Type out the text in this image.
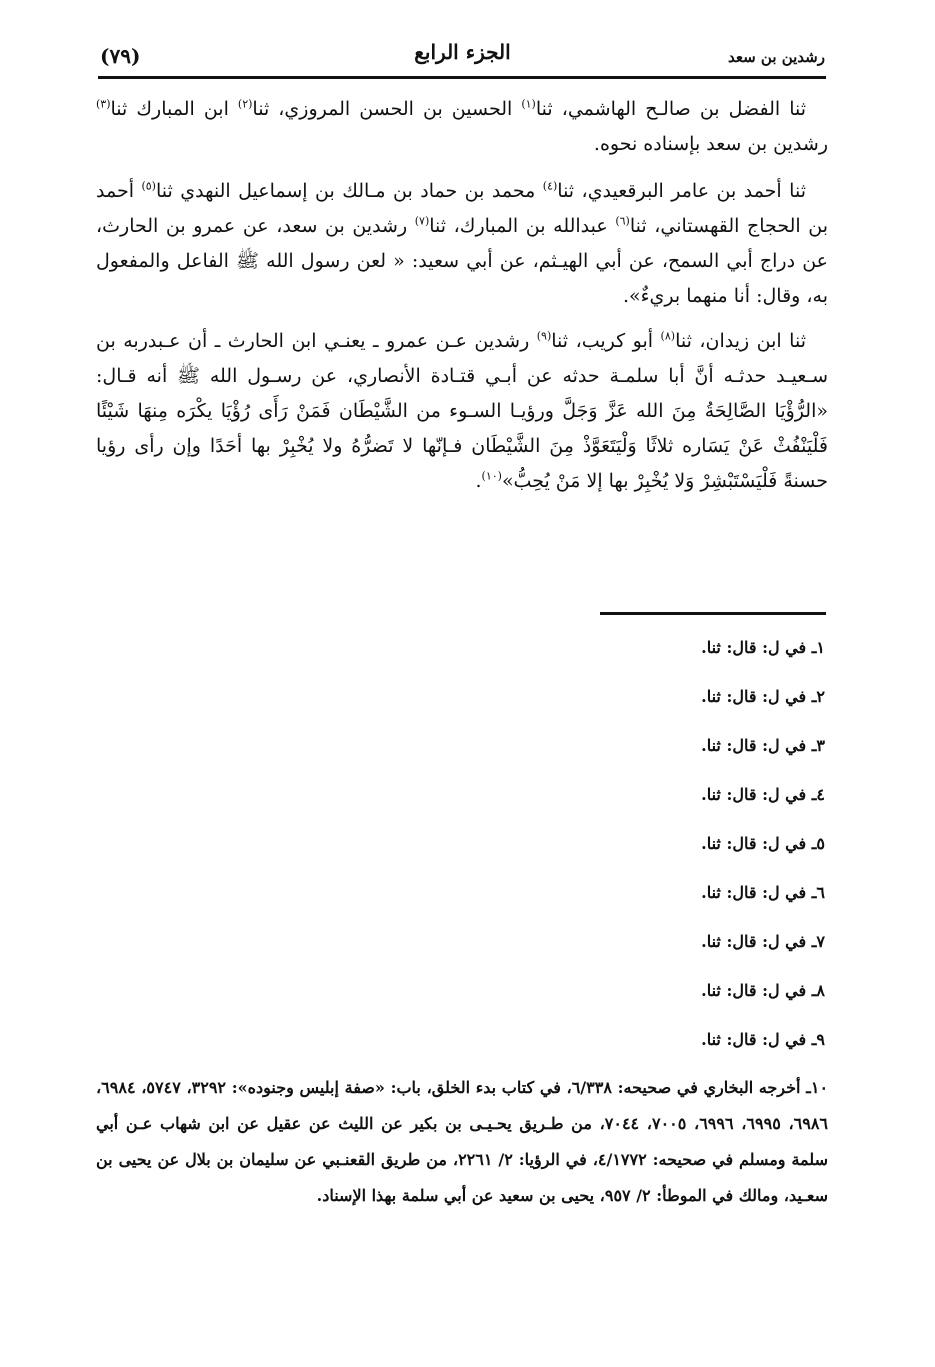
(٧٩)	الجزء الرابع	رشدين بن سعد

ثنا الفضل بن صالـح الهاشمي، ثنا$^{(١)}$ الحسين بن الحسن المروزي، ثنا$^{(٢)}$ ابن المبارك ثنا$^{(٣)}$ رشدين بن سعد بإسناده نحوه.

ثنا أحمد بن عامر البرقعيدي، ثنا$^{(٤)}$ محمد بن حماد بن مـالك بن إسماعيل النهدي ثنا$^{(٥)}$ أحمد بن الحجاج القهستاني، ثنا$^{(٦)}$ عبدالله بن المبارك، ثنا$^{(٧)}$ رشدين بن سعد، عن عمرو بن الحارث، عن دراج أبي السمح، عن أبي الهيـثم، عن أبي سعيد: « لعن رسول الله ﷺ الفاعل والمفعول به، وقال: أنا منهما بريءٌ».

ثنا ابن زيدان، ثنا$^{(٨)}$ أبو كريب، ثنا$^{(٩)}$ رشدين عـن عمرو ـ يعنـي ابن الحارث ـ أن عـبدربه بن سـعيـد حدثـه أنَّ أبا سلمـة حدثه عن أبـي قتـادة الأنصاري، عن رسـول الله ﷺ أنه قـال: «الرُّؤْيَا الصَّالِحَةُ مِنَ الله عَزَّ وَجَلَّ ورؤيـا السـوء من الشَّيْطَان فَمَنْ رَأَى رُؤْيَا يكْرَه مِنهَا شَيْئًا فَلْيَنْفُثْ عَنْ يَسَاره ثلاثًا وَلْيَتَعَوَّذْ مِنَ الشَّيْطَان فـإنّها لا تَضرُّهُ ولا يُخْبِرْ بها أحَدًا وإن رأى رؤيا حسنةً فَلْيَسْتَبْشِرْ وَلا يُخْبِرْ بها إلا مَنْ يُحِبُّ»$^{(١٠)}$.

١ـ في ل: قال: ثنا.
٢ـ في ل: قال: ثنا.
٣ـ في ل: قال: ثنا.
٤ـ في ل: قال: ثنا.
٥ـ في ل: قال: ثنا.
٦ـ في ل: قال: ثنا.
٧ـ في ل: قال: ثنا.
٨ـ في ل: قال: ثنا.
٩ـ في ل: قال: ثنا.
١٠ـ أخرجه البخاري في صحيحه: ٦/٣٣٨، في كتاب بدء الخلق، باب: «صفة إبليس وجنوده»: ٣٢٩٢، ٥٧٤٧، ٦٩٨٤، ٦٩٨٦، ٦٩٩٥، ٦٩٩٦، ٧٠٠٥، ٧٠٤٤، من طـريق يحـيـى بن بكير عن الليث عن عقيل عن ابن شهاب عـن أبي سلمة ومسلم في صحيحه: ٤/١٧٧٢، في الرؤيا: ٢/ ٢٢٦١، من طريق القعنـبي عن سليمان بن بلال عن يحيى بن سعـيد، ومالك في الموطأ: ٢/ ٩٥٧، يحيى بن سعيد عن أبي سلمة بهذا الإسناد.
